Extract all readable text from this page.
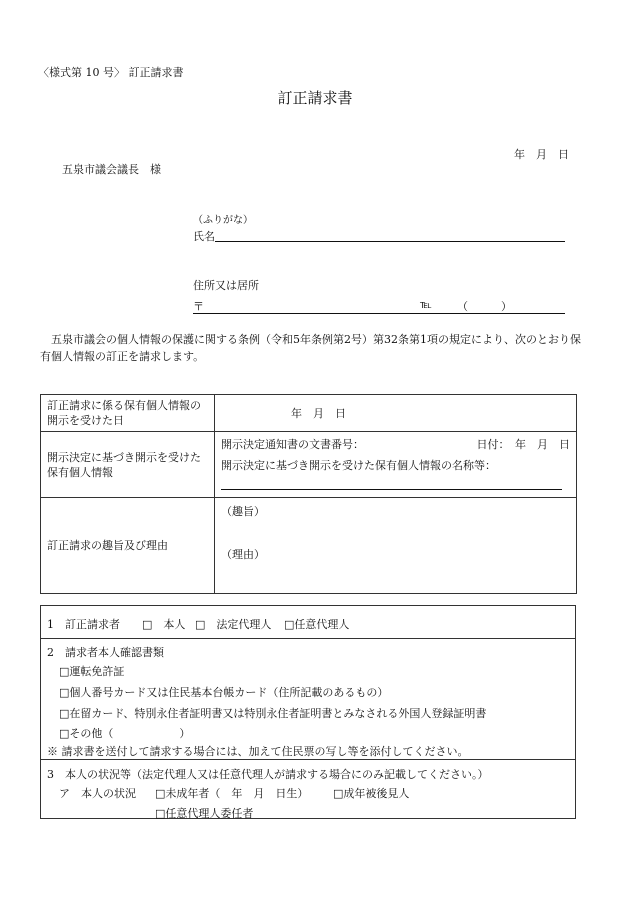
〈様式第 10 号〉 訂正請求書
訂正請求書
年　月　日
五泉市議会議長　様
（ふりがな）
氏名
住所又は居所
〒	℡ （　　　）
五泉市議会の個人情報の保護に関する条例（令和5年条例第2号）第32条第1項の規定により、次のとおり保有個人情報の訂正を請求します。
訂正請求に係る保有個人情報の開示を受けた日	年　月　日
開示決定に基づき開示を受けた保有個人情報	開示決定通知書の文書番号： 日付：　年　月　日
開示決定に基づき開示を受けた保有個人情報の名称等：

訂正請求の趣旨及び理由	（趣旨）
（理由）
1　訂正請求者 □　本人 □　法定代理人 □任意代理人
2　請求者本人確認書類
□運転免許証
□個人番号カード又は住民基本台帳カード（住所記載のあるもの）
□在留カード、特別永住者証明書又は特別永住者証明書とみなされる外国人登録証明書
□その他（　　　　　　）
※ 請求書を送付して請求する場合には、加えて住民票の写し等を添付してください。
3　本人の状況等（法定代理人又は任意代理人が請求する場合にのみ記載してください。）
ア　本人の状況 □未成年者（　年　月　日生） □成年被後見人
□任意代理人委任者
